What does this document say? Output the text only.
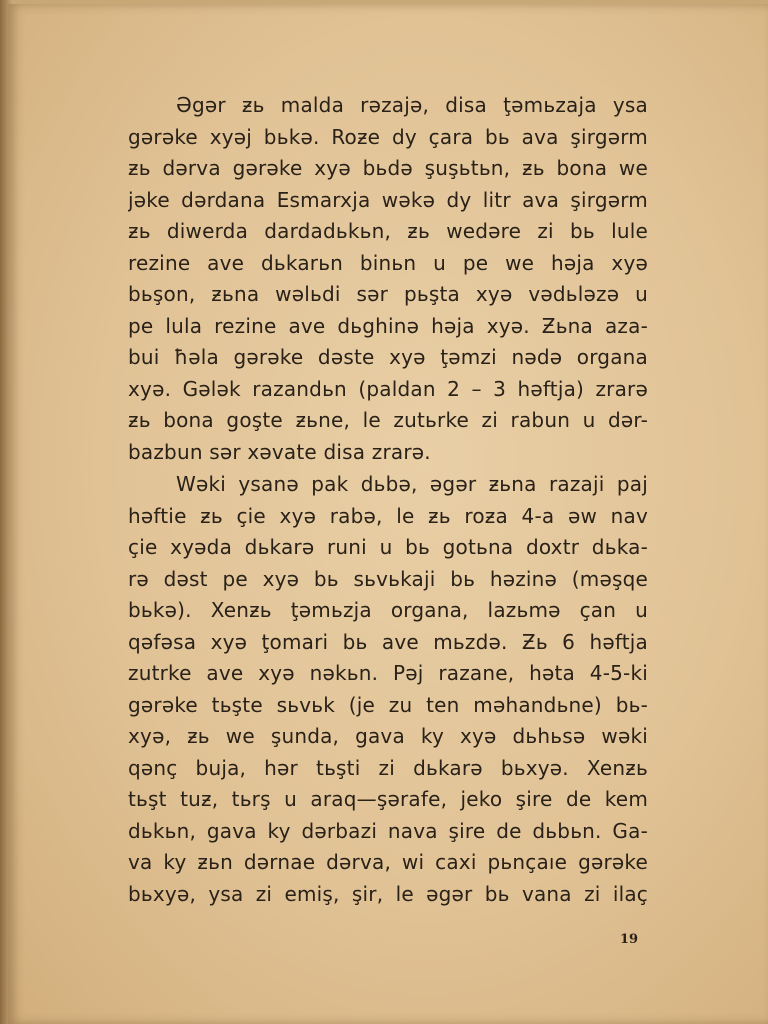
Əgər ƶь malda rəzajə, disa ţəmьzaja ysa
gərəke xyəj bьkə. Roƶe dy çara bь ava şirgərm
ƶь dərva gərəke xyə bьdə şuşьtьn, ƶь bona we
jəke dərdana Esmarxja wəkə dy litr ava şirgərm
ƶь diwerda dardadьkьn, ƶь wedəre zi bь lule
rezine ave dьkarьn binьn u pe we həja xyə
bьşon, ƶьna wəlьdi sər pьşta xyə vədьləzə u
pe lula rezine ave dьghinə həja xyə. Ƶьna aza-
bui ħəla gərəke dəste xyə ţəmzi nədə organa
xyə. Gələk razandьn (paldan 2 – 3 həftja) zrarə
ƶь bona goşte ƶьne, le zutьrke zi rabun u dər-
bazbun sər xəvate disa zrarə.
Wəki ysanə pak dьbə, əgər ƶьna razaji paj
həftie ƶь çie xyə rabə, le ƶь roƶa 4-a əw nav
çie xyəda dьkarə runi u bь gotьna doxtr dьka-
rə dəst pe xyə bь sьvьkaji bь həzinə (məşqe
bьkə). Xenƶь ţəmьzja organa, lazьmə çan u
qəfəsa xyə ţomari bь ave mьzdə. Ƶь 6 həftja
zutrke ave xyə nəkьn. Pəj razane, həta 4-5-ki
gərəke tьşte sьvьk (je zu ten məhandьne) bь-
xyə, ƶь we şunda, gava ky xyə dьhьsə wəki
qənç buja, hər tьşti zi dьkarə bьxyə. Xenƶь
tьşt tuƶ, tьrş u araq—şərafe, jeko şire de kem
dьkьn, gava ky dərbazi nava şire de dьbьn. Ga-
va ky ƶьn dərnae dərva, wi caxi pьnçaıe gərəke
bьxyə, ysa zi emiş, şir, le əgər bь vana zi ilaç
19
